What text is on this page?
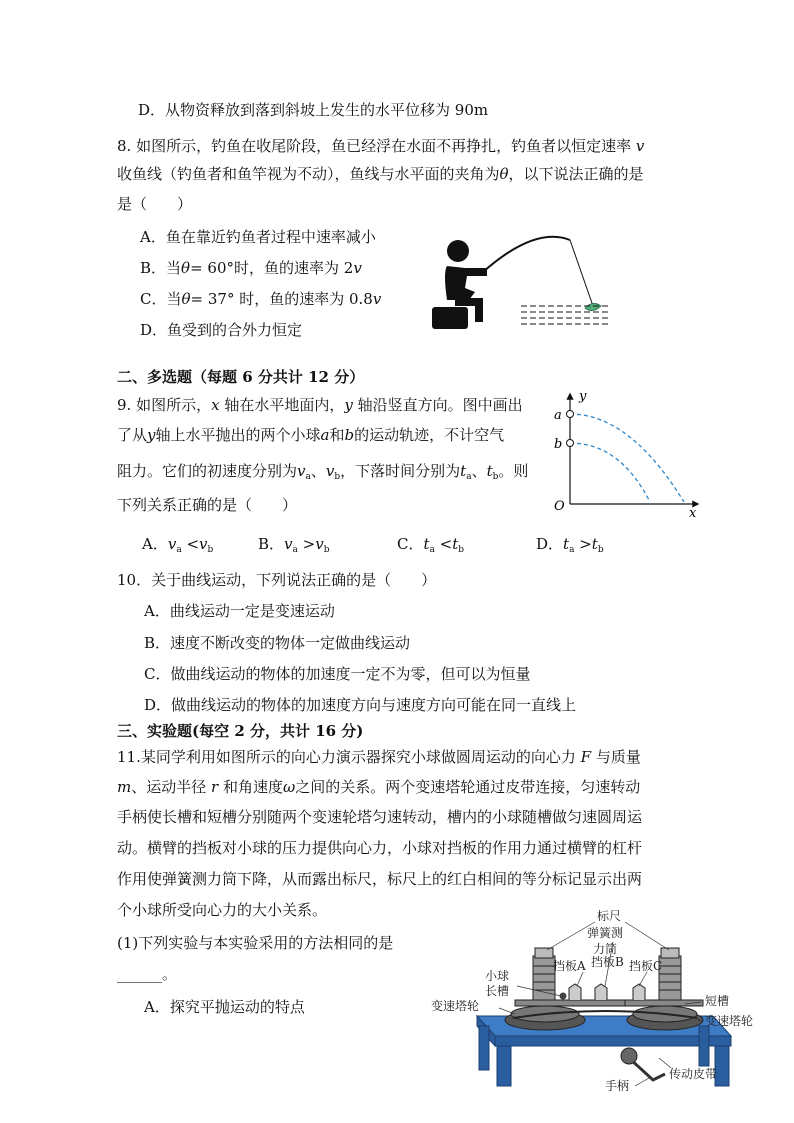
D．从物资释放到落到斜坡上发生的水平位移为 90m
8. 如图所示，钓鱼在收尾阶段，鱼已经浮在水面不再挣扎，钓鱼者以恒定速率 v
收鱼线（钓鱼者和鱼竿视为不动），鱼线与水平面的夹角为θ，以下说法正确的是
是（　　）
A．鱼在靠近钓鱼者过程中速率减小
B．当θ= 60°时，鱼的速率为 2v
C．当θ= 37° 时，鱼的速率为 0.8v
D．鱼受到的合外力恒定
二、多选题（每题 6 分共计 12 分）
9. 如图所示，x 轴在水平地面内，y 轴沿竖直方向。图中画出
了从y轴上水平抛出的两个小球a和b的运动轨迹，不计空气
阻力。它们的初速度分别为$v_a$、$v_b$，下落时间分别为$t_a$、$t_b$。则
下列关系正确的是（　　）
A．$v_a <v_b$	B．$v_a >v_b$	C．$t_a <t_b$	D．$t_a >t_b$
y
a
b
O	x
10．关于曲线运动，下列说法正确的是（　　）
A．曲线运动一定是变速运动
B．速度不断改变的物体一定做曲线运动
C．做曲线运动的物体的加速度一定不为零，但可以为恒量
D．做曲线运动的物体的加速度方向与速度方向可能在同一直线上
三、实验题(每空 2 分，共计 16 分)
11.某同学利用如图所示的向心力演示器探究小球做圆周运动的向心力 F 与质量
m、运动半径 r 和角速度ω之间的关系。两个变速塔轮通过皮带连接，匀速转动
手柄使长槽和短槽分别随两个变速轮塔匀速转动，槽内的小球随槽做匀速圆周运
动。横臂的挡板对小球的压力提供向心力，小球对挡板的作用力通过横臂的杠杆
作用使弹簧测力筒下降，从而露出标尺，标尺上的红白相间的等分标记显示出两
个小球所受向心力的大小关系。
(1)下列实验与本实验采用的方法相同的是
______。
A．探究平抛运动的特点
标尺
弹簧测
力筒
挡板A 挡板B 挡板C
小球
长槽
变速塔轮	短槽
变速塔轮
手柄
传动皮带
